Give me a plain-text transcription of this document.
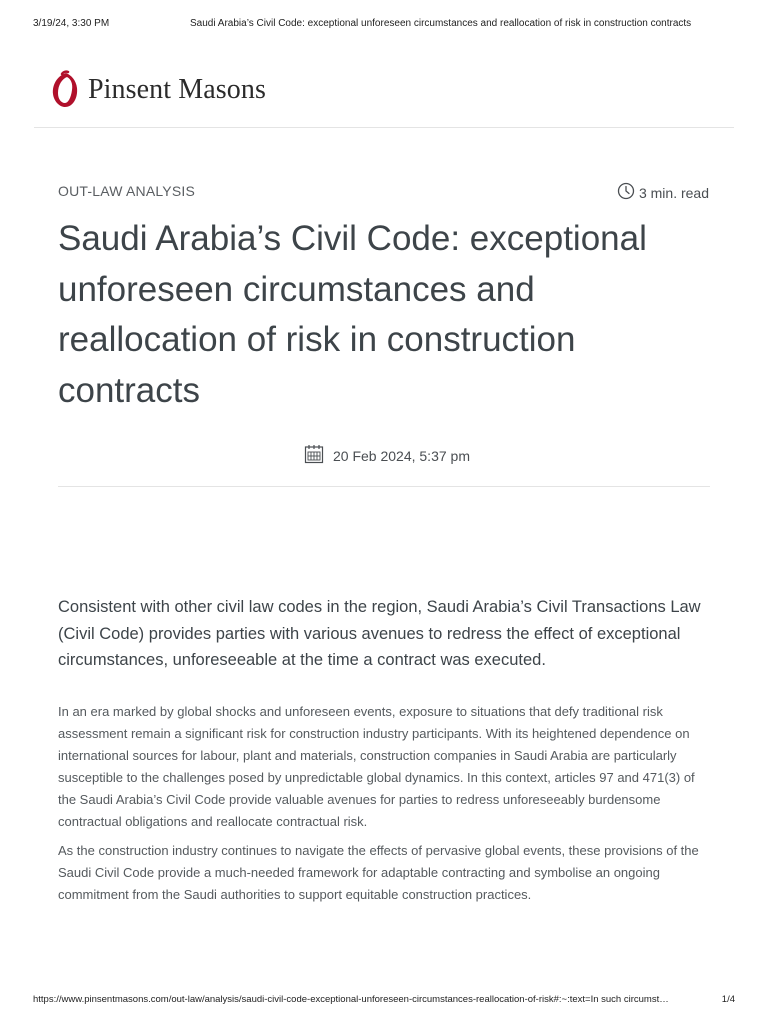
3/19/24, 3:30 PM	Saudi Arabia’s Civil Code: exceptional unforeseen circumstances and reallocation of risk in construction contracts
Pinsent Masons
OUT-LAW ANALYSIS	3 min. read
Saudi Arabia’s Civil Code: exceptional unforeseen circumstances and reallocation of risk in construction contracts
20 Feb 2024, 5:37 pm

Consistent with other civil law codes in the region, Saudi Arabia’s Civil Transactions Law (Civil Code) provides parties with various avenues to redress the effect of exceptional circumstances, unforeseeable at the time a contract was executed.

In an era marked by global shocks and unforeseen events, exposure to situations that defy traditional risk assessment remain a significant risk for construction industry participants. With its heightened dependence on international sources for labour, plant and materials, construction companies in Saudi Arabia are particularly susceptible to the challenges posed by unpredictable global dynamics. In this context, articles 97 and 471(3) of the Saudi Arabia’s Civil Code provide valuable avenues for parties to redress unforeseeably burdensome contractual obligations and reallocate contractual risk.

As the construction industry continues to navigate the effects of pervasive global events, these provisions of the Saudi Civil Code provide a much-needed framework for adaptable contracting and symbolise an ongoing commitment from the Saudi authorities to support equitable construction practices.

https://www.pinsentmasons.com/out-law/analysis/saudi-civil-code-exceptional-unforeseen-circumstances-reallocation-of-risk#:~:text=In such circumst…	1/4
